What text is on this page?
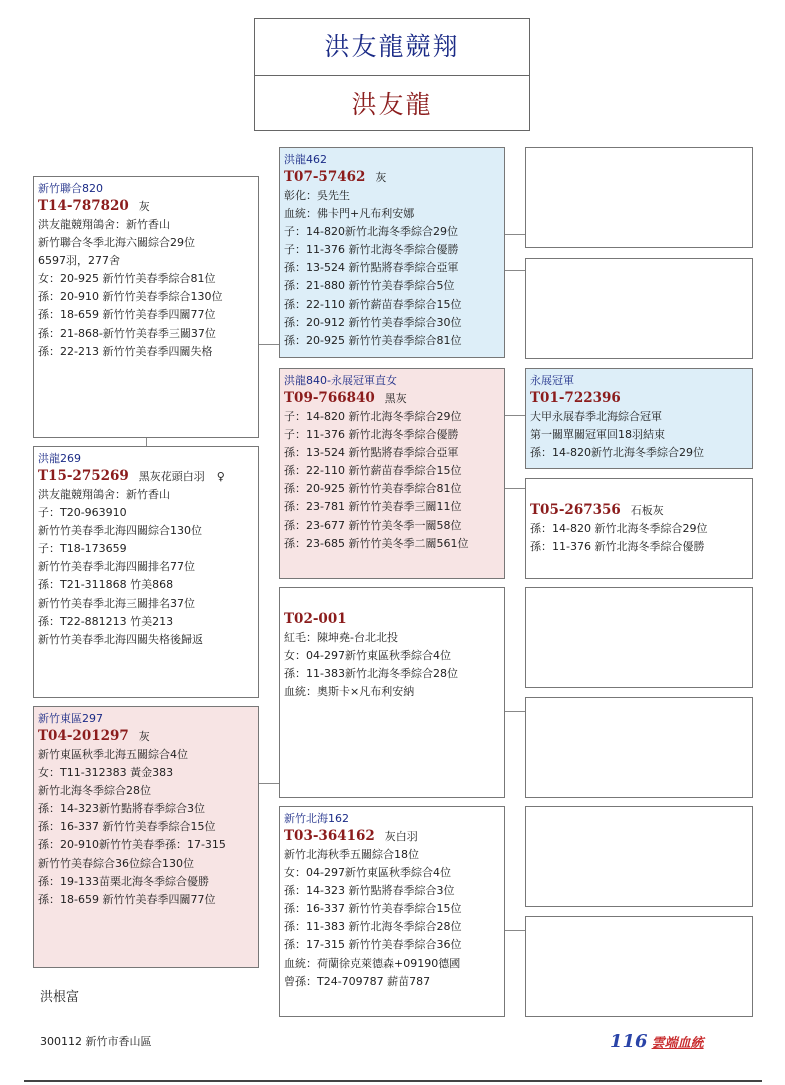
洪友龍競翔
洪友龍
新竹聯合820
T14-787820 灰
洪友龍競翔鴿舍：新竹香山
新竹聯合冬季北海六關綜合29位
6597羽，277舍
女：20-925 新竹竹美春季綜合81位
孫：20-910 新竹竹美春季綜合130位
孫：18-659 新竹竹美春季四關77位
孫：21-868-新竹竹美春季三關37位
孫：22-213 新竹竹美春季四關失格
洪龍462
T07-57462 灰
彰化：吳先生
血統：佛卡門+凡布利安娜
子：14-820新竹北海冬季綜合29位
子：11-376 新竹北海冬季綜合優勝
孫：13-524 新竹點將春季綜合亞軍
孫：21-880 新竹竹美春季綜合5位
孫：22-110 新竹薪苗春季綜合15位
孫：20-912 新竹竹美春季綜合30位
孫：20-925 新竹竹美春季綜合81位
洪龍840-永展冠軍直女
T09-766840 黑灰
子：14-820 新竹北海冬季綜合29位
子：11-376 新竹北海冬季綜合優勝
孫：13-524 新竹點將春季綜合亞軍
孫：22-110 新竹薪苗春季綜合15位
孫：20-925 新竹竹美春季綜合81位
孫：23-781 新竹竹美春季三關11位
孫：23-677 新竹竹美冬季一關58位
孫：23-685 新竹竹美冬季二關561位
永展冠軍
T01-722396
大甲永展春季北海綜合冠軍
第一關單關冠軍回18羽結束
孫：14-820新竹北海冬季綜合29位
T05-267356 石板灰
孫：14-820 新竹北海冬季綜合29位
孫：11-376 新竹北海冬季綜合優勝
洪龍269
T15-275269 黑灰花頭白羽 ♀
洪友龍競翔鴿舍：新竹香山
子：T20-963910
新竹竹美春季北海四關綜合130位
子：T18-173659
新竹竹美春季北海四關排名77位
孫：T21-311868 竹美868
新竹竹美春季北海三關排名37位
孫：T22-881213 竹美213
新竹竹美春季北海四關失格後歸返
T02-001
紅毛：陳坤堯-台北北投
女：04-297新竹東區秋季綜合4位
孫：11-383新竹北海冬季綜合28位
血統：奧斯卡×凡布利安納
新竹東區297
T04-201297 灰
新竹東區秋季北海五關綜合4位
女：T11-312383 黃金383
新竹北海冬季綜合28位
孫：14-323新竹點將春季綜合3位
孫：16-337 新竹竹美春季綜合15位
孫：20-910新竹竹美春季孫：17-315
新竹竹美春綜合36位綜合130位
孫：19-133苗栗北海冬季綜合優勝
孫：18-659 新竹竹美春季四關77位
新竹北海162
T03-364162 灰白羽
新竹北海秋季五關綜合18位
女：04-297新竹東區秋季綜合4位
孫：14-323 新竹點將春季綜合3位
孫：16-337 新竹竹美春季綜合15位
孫：11-383 新竹北海冬季綜合28位
孫：17-315 新竹竹美春季綜合36位
血統：荷蘭徐克萊德森+09190德國
曾孫：T24-709787 薪苗787
洪根富
300112 新竹市香山區	116 雲端血統
